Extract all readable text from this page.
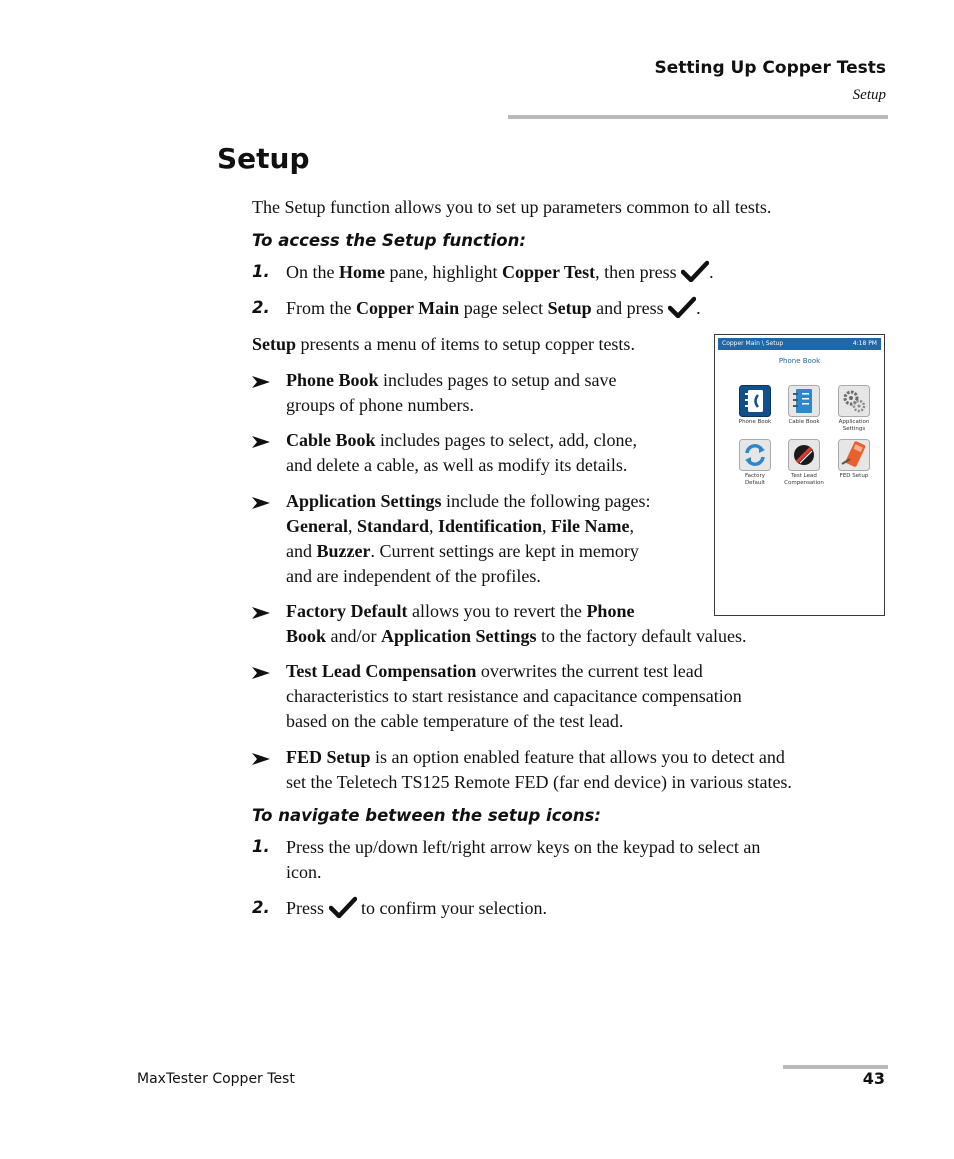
Setting Up Copper Tests
Setup
Setup
The Setup function allows you to set up parameters common to all tests.
To access the Setup function:
1. On the Home pane, highlight Copper Test, then press .
2. From the Copper Main page select Setup and press .
Setup presents a menu of items to setup copper tests.
Phone Book includes pages to setup and save
groups of phone numbers.
Cable Book includes pages to select, add, clone,
and delete a cable, as well as modify its details.
Application Settings include the following pages:
General, Standard, Identification, File Name,
and Buzzer. Current settings are kept in memory
and are independent of the profiles.
Factory Default allows you to revert the Phone
Book and/or Application Settings to the factory default values.
Test Lead Compensation overwrites the current test lead
characteristics to start resistance and capacitance compensation
based on the cable temperature of the test lead.
FED Setup is an option enabled feature that allows you to detect and
set the Teletech TS125 Remote FED (far end device) in various states.
To navigate between the setup icons:
1. Press the up/down left/right arrow keys on the keypad to select an
icon.
2. Press  to confirm your selection.
Copper Main \ Setup	4:18 PM
Phone Book
Phone Book	Cable Book	Application
Settings
Factory
Default
Test Lead
Compensation
FED Setup
MaxTester Copper Test	43
